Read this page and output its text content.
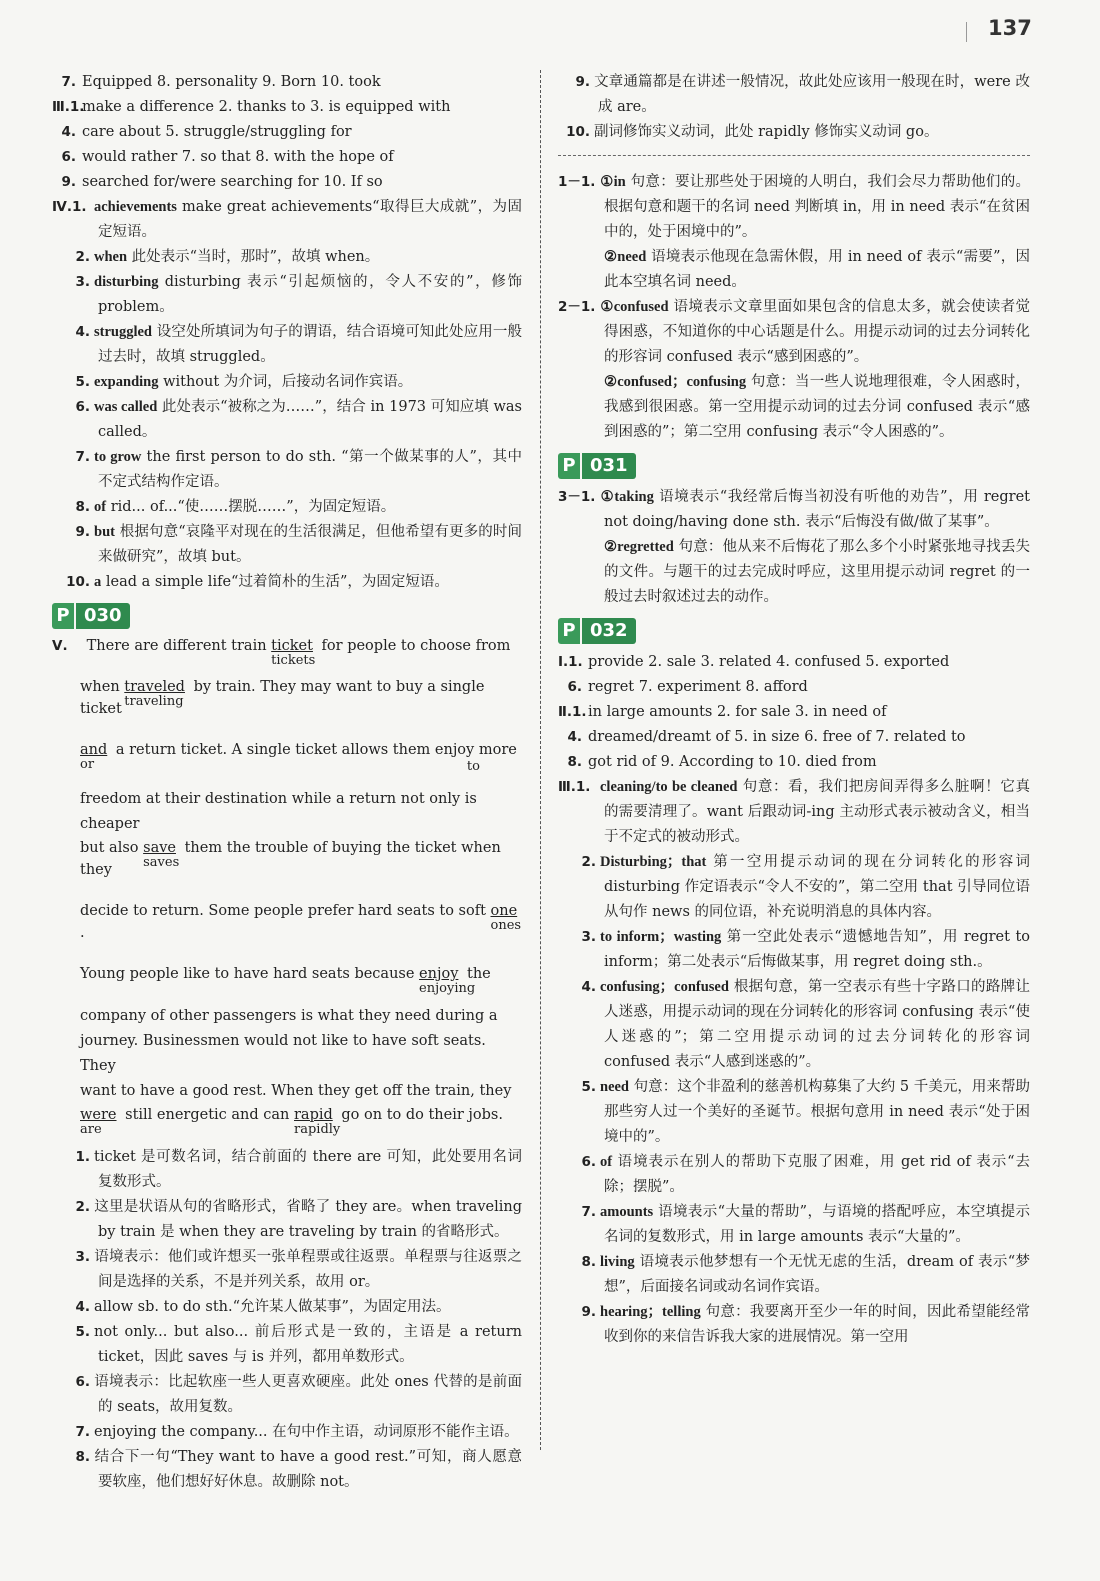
137
7. Equipped 8. personality 9. Born 10. took
Ⅲ.1.make a difference 2. thanks to 3. is equipped with
4. care about 5. struggle/struggling for
6. would rather 7. so that 8. with the hope of
9. searched for/were searching for 10. If so
Ⅳ.1. achievements make great achievements“取得巨大成就”，为固定短语。
2. when 此处表示“当时，那时”，故填 when。
3. disturbing disturbing 表示“引起烦恼的，令人不安的”，修饰 problem。
4. struggled 设空处所填词为句子的谓语，结合语境可知此处应用一般过去时，故填 struggled。
5. expanding without 为介词，后接动名词作宾语。
6. was called 此处表示“被称之为……”，结合 in 1973 可知应填 was called。
7. to grow the first person to do sth. “第一个做某事的人”，其中不定式结构作定语。
8. of rid... of...“使……摆脱……”，为固定短语。
9. but 根据句意“哀隆平对现在的生活很满足，但他希望有更多的时间来做研究”，故填 but。
10. a lead a simple life“过着简朴的生活”，为固定短语。
P 030
Ⅴ. There are different train ticket
tickets
for people to choose from
when traveled
traveling
by train. They may want to buy a single ticket
and
or
a return ticket. A single ticket allows them enjoy more
to
freedom at their destination while a return not only is cheaper
but also save
saves
them the trouble of buying the ticket when they
decide to return. Some people prefer hard seats to soft one
ones
.
Young people like to have hard seats because enjoy
enjoying
the
company of other passengers is what they need during a
journey. Businessmen would not like to have soft seats. They
want to have a good rest. When they get off the train, they
were
are
still energetic and can rapid
rapidly
go on to do their jobs.
1. ticket 是可数名词，结合前面的 there are 可知，此处要用名词复数形式。
2. 这里是状语从句的省略形式，省略了 they are。when traveling by train 是 when they are traveling by train 的省略形式。
3. 语境表示：他们或许想买一张单程票或往返票。单程票与往返票之间是选择的关系，不是并列关系，故用 or。
4. allow sb. to do sth.“允许某人做某事”，为固定用法。
5. not only... but also... 前后形式是一致的，主语是 a return ticket，因此 saves 与 is 并列，都用单数形式。
6. 语境表示：比起软座一些人更喜欢硬座。此处 ones 代替的是前面的 seats，故用复数。
7. enjoying the company... 在句中作主语，动词原形不能作主语。
8. 结合下一句“They want to have a good rest.”可知，商人愿意要软座，他们想好好休息。故删除 not。
9. 文章通篇都是在讲述一般情况，故此处应该用一般现在时，were 改成 are。
10. 副词修饰实义动词，此处 rapidly 修饰实义动词 go。
1－1. ①in 句意：要让那些处于困境的人明白，我们会尽力帮助他们的。根据句意和题干的名词 need 判断填 in，用 in need 表示“在贫困中的，处于困境中的”。
②need 语境表示他现在急需休假，用 in need of 表示“需要”，因此本空填名词 need。
2－1. ①confused 语境表示文章里面如果包含的信息太多，就会使读者觉得困惑，不知道你的中心话题是什么。用提示动词的过去分词转化的形容词 confused 表示“感到困惑的”。
②confused；confusing 句意：当一些人说地理很难，令人困惑时，我感到很困惑。第一空用提示动词的过去分词 confused 表示“感到困惑的”；第二空用 confusing 表示“令人困惑的”。
P 031
3－1. ①taking 语境表示“我经常后悔当初没有听他的劝告”，用 regret not doing/having done sth. 表示“后悔没有做/做了某事”。
②regretted 句意：他从来不后悔花了那么多个小时紧张地寻找丢失的文件。与题干的过去完成时呼应，这里用提示动词 regret 的一般过去时叙述过去的动作。
P 032
Ⅰ.1. provide 2. sale 3. related 4. confused 5. exported
6. regret 7. experiment 8. afford
Ⅱ.1.in large amounts 2. for sale 3. in need of
4. dreamed/dreamt of 5. in size 6. free of 7. related to
8. got rid of 9. According to 10. died from
Ⅲ.1. cleaning/to be cleaned 句意：看，我们把房间弄得多么脏啊！它真的需要清理了。want 后跟动词-ing 主动形式表示被动含义，相当于不定式的被动形式。
2. Disturbing；that 第一空用提示动词的现在分词转化的形容词 disturbing 作定语表示“令人不安的”，第二空用 that 引导同位语从句作 news 的同位语，补充说明消息的具体内容。
3. to inform；wasting 第一空此处表示“遗憾地告知”，用 regret to inform；第二处表示“后悔做某事，用 regret doing sth.。
4. confusing；confused 根据句意，第一空表示有些十字路口的路牌让人迷惑，用提示动词的现在分词转化的形容词 confusing 表示“使人迷惑的”；第二空用提示动词的过去分词转化的形容词 confused 表示“人感到迷惑的”。
5. need 句意：这个非盈利的慈善机构募集了大约 5 千美元，用来帮助那些穷人过一个美好的圣诞节。根据句意用 in need 表示“处于困境中的”。
6. of 语境表示在别人的帮助下克服了困难，用 get rid of 表示“去除；摆脱”。
7. amounts 语境表示“大量的帮助”，与语境的搭配呼应，本空填提示名词的复数形式，用 in large amounts 表示“大量的”。
8. living 语境表示他梦想有一个无忧无虑的生活，dream of 表示“梦想”，后面接名词或动名词作宾语。
9. hearing；telling 句意：我要离开至少一年的时间，因此希望能经常收到你的来信告诉我大家的进展情况。第一空用
